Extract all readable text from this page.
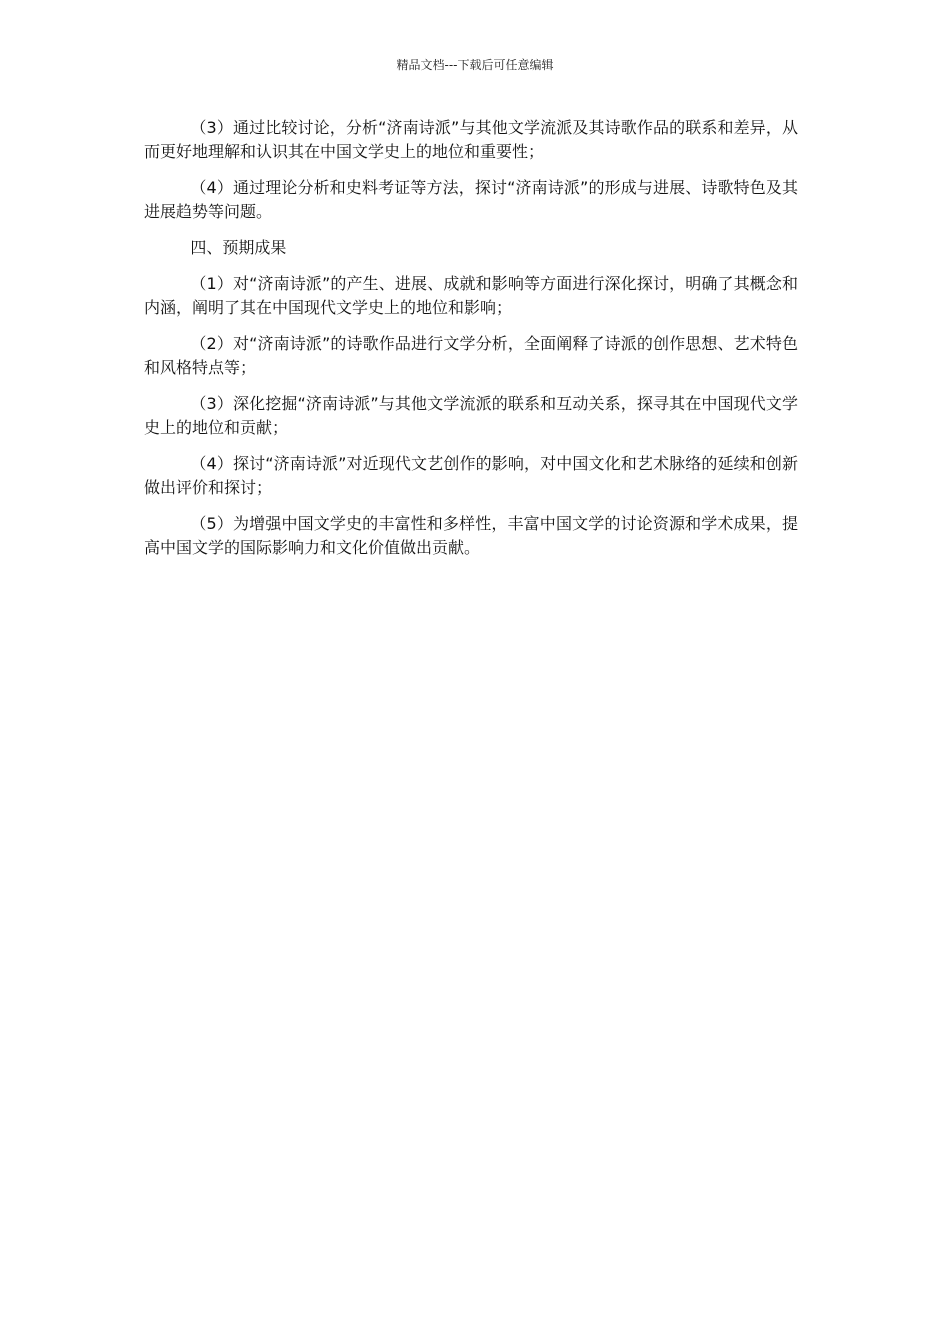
精品文档---下载后可任意编辑

（3）通过比较讨论，分析“济南诗派”与其他文学流派及其诗歌作品的联系和差异，从而更好地理解和认识其在中国文学史上的地位和重要性；

（4）通过理论分析和史料考证等方法，探讨“济南诗派”的形成与进展、诗歌特色及其进展趋势等问题。

四、预期成果

（1）对“济南诗派”的产生、进展、成就和影响等方面进行深化探讨，明确了其概念和内涵，阐明了其在中国现代文学史上的地位和影响；

（2）对“济南诗派”的诗歌作品进行文学分析，全面阐释了诗派的创作思想、艺术特色和风格特点等；

（3）深化挖掘“济南诗派”与其他文学流派的联系和互动关系，探寻其在中国现代文学史上的地位和贡献；

（4）探讨“济南诗派”对近现代文艺创作的影响，对中国文化和艺术脉络的延续和创新做出评价和探讨；

（5）为增强中国文学史的丰富性和多样性，丰富中国文学的讨论资源和学术成果，提高中国文学的国际影响力和文化价值做出贡献。
